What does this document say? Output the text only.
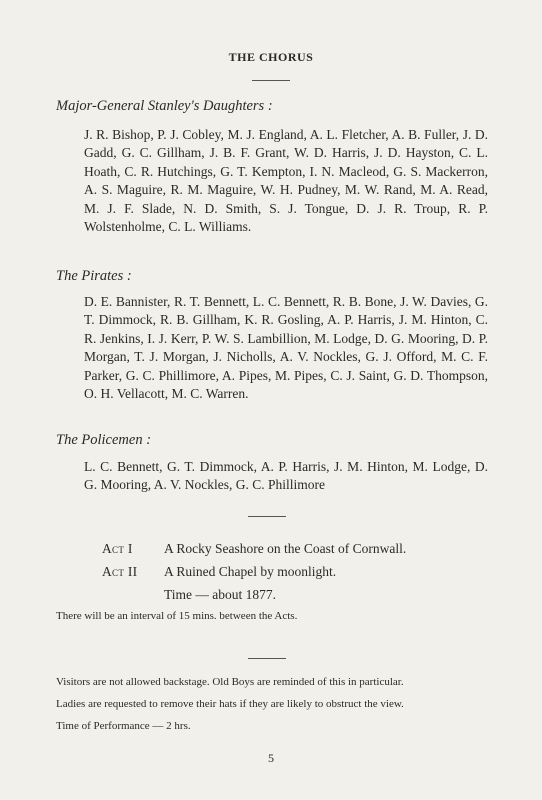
THE CHORUS
Major-General Stanley's Daughters :
J. R. Bishop, P. J. Cobley, M. J. England, A. L. Fletcher, A. B. Fuller, J. D. Gadd, G. C. Gillham, J. B. F. Grant, W. D. Harris, J. D. Hayston, C. L. Hoath, C. R. Hutchings, G. T. Kempton, I. N. Macleod, G. S. Mackerron, A. S. Maguire, R. M. Maguire, W. H. Pudney, M. W. Rand, M. A. Read, M. J. F. Slade, N. D. Smith, S. J. Tongue, D. J. R. Troup, R. P. Wolstenholme, C. L. Williams.
The Pirates :
D. E. Bannister, R. T. Bennett, L. C. Bennett, R. B. Bone, J. W. Davies, G. T. Dimmock, R. B. Gillham, K. R. Gosling, A. P. Harris, J. M. Hinton, C. R. Jenkins, I. J. Kerr, P. W. S. Lambillion, M. Lodge, D. G. Mooring, D. P. Morgan, T. J. Morgan, J. Nicholls, A. V. Nockles, G. J. Offord, M. C. F. Parker, G. C. Phillimore, A. Pipes, M. Pipes, C. J. Saint, G. D. Thompson, O. H. Vellacott, M. C. Warren.
The Policemen :
L. C. Bennett, G. T. Dimmock, A. P. Harris, J. M. Hinton, M. Lodge, D. G. Mooring, A. V. Nockles, G. C. Phillimore
Act I	A Rocky Seashore on the Coast of Cornwall.
Act II	A Ruined Chapel by moonlight.
Time — about 1877.
There will be an interval of 15 mins. between the Acts.
Visitors are not allowed backstage. Old Boys are reminded of this in particular.
Ladies are requested to remove their hats if they are likely to obstruct the view.
Time of Performance — 2 hrs.
5
